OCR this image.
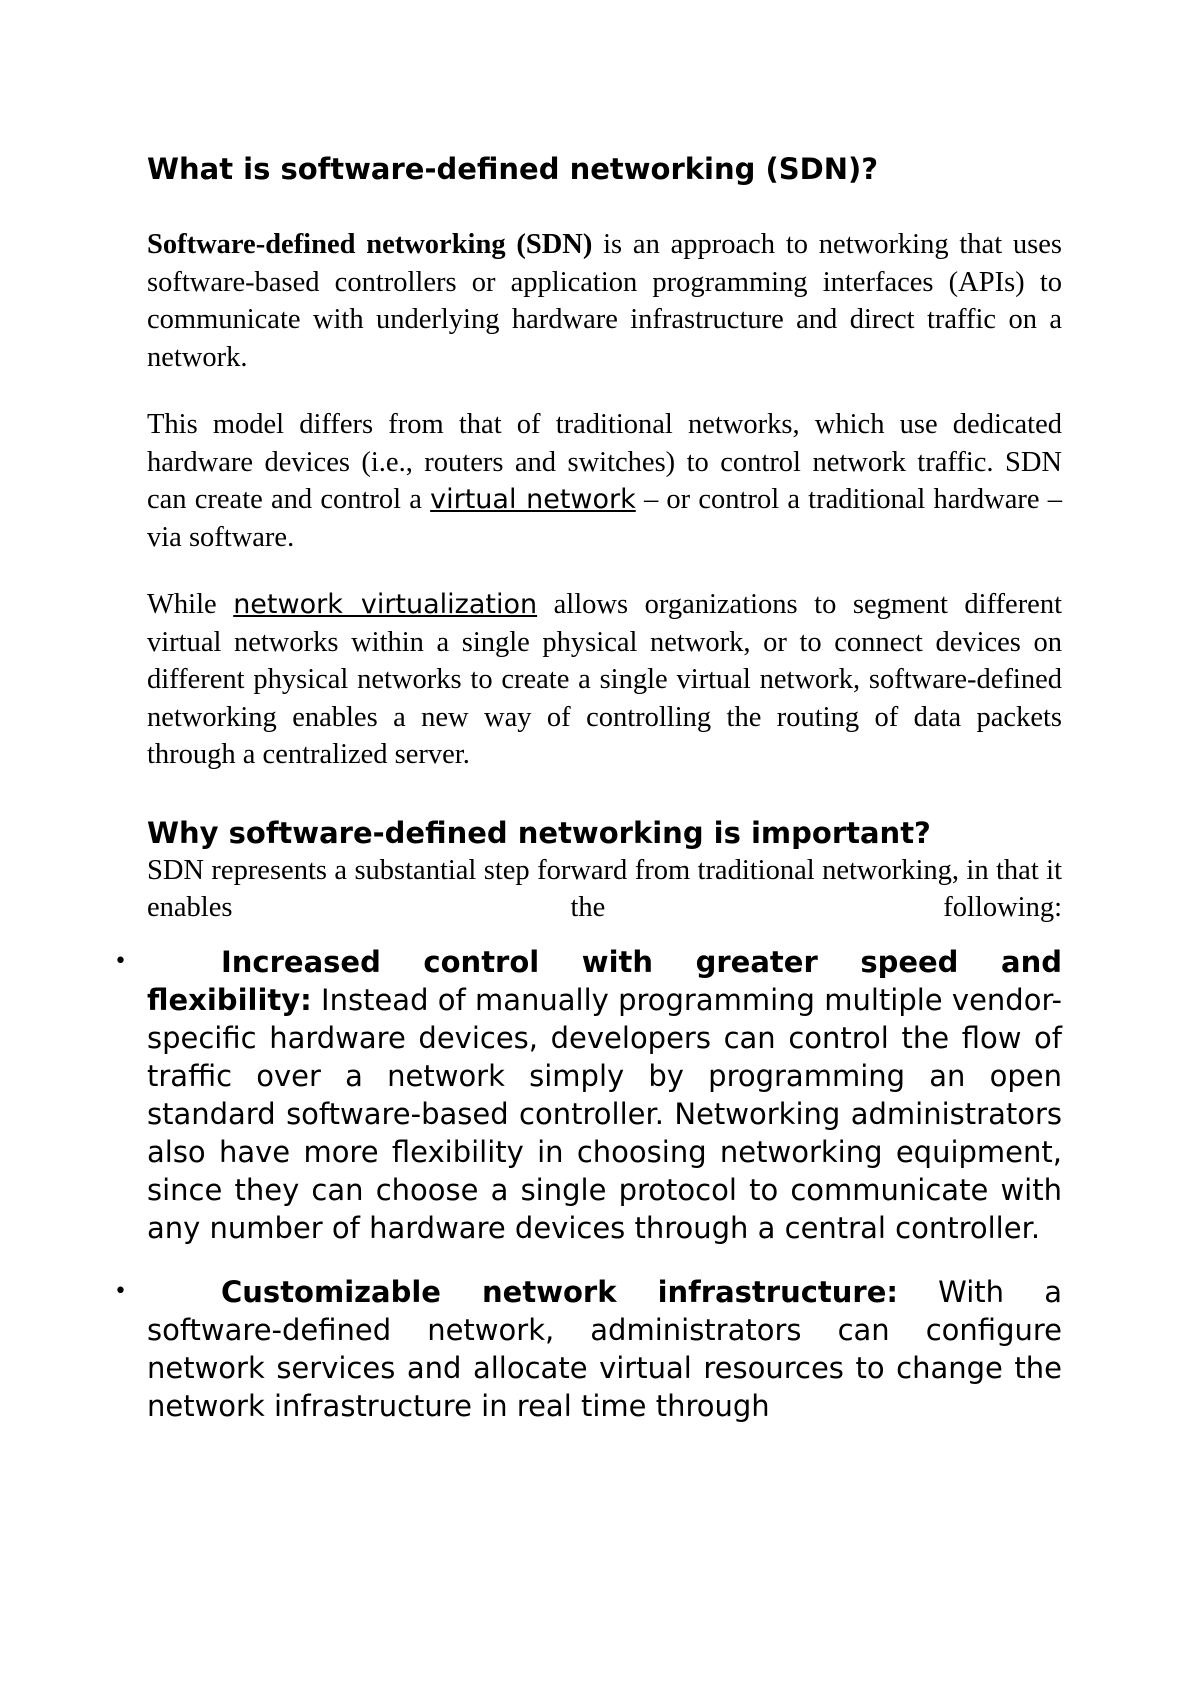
What is software-defined networking (SDN)?

Software-defined networking (SDN) is an approach to networking that uses software-based controllers or application programming interfaces (APIs) to communicate with underlying hardware infrastructure and direct traffic on a network.

This model differs from that of traditional networks, which use dedicated hardware devices (i.e., routers and switches) to control network traffic. SDN can create and control a virtual network – or control a traditional hardware – via software.

While network virtualization allows organizations to segment different virtual networks within a single physical network, or to connect devices on different physical networks to create a single virtual network, software-defined networking enables a new way of controlling the routing of data packets through a centralized server.

Why software-defined networking is important?

SDN represents a substantial step forward from traditional networking, in that it enables the following:

•	Increased control with greater speed and flexibility: Instead of manually programming multiple vendor-specific hardware devices, developers can control the flow of traffic over a network simply by programming an open standard software-based controller. Networking administrators also have more flexibility in choosing networking equipment, since they can choose a single protocol to communicate with any number of hardware devices through a central controller.

•	Customizable network infrastructure: With a software-defined network, administrators can configure network services and allocate virtual resources to change the network infrastructure in real time through
